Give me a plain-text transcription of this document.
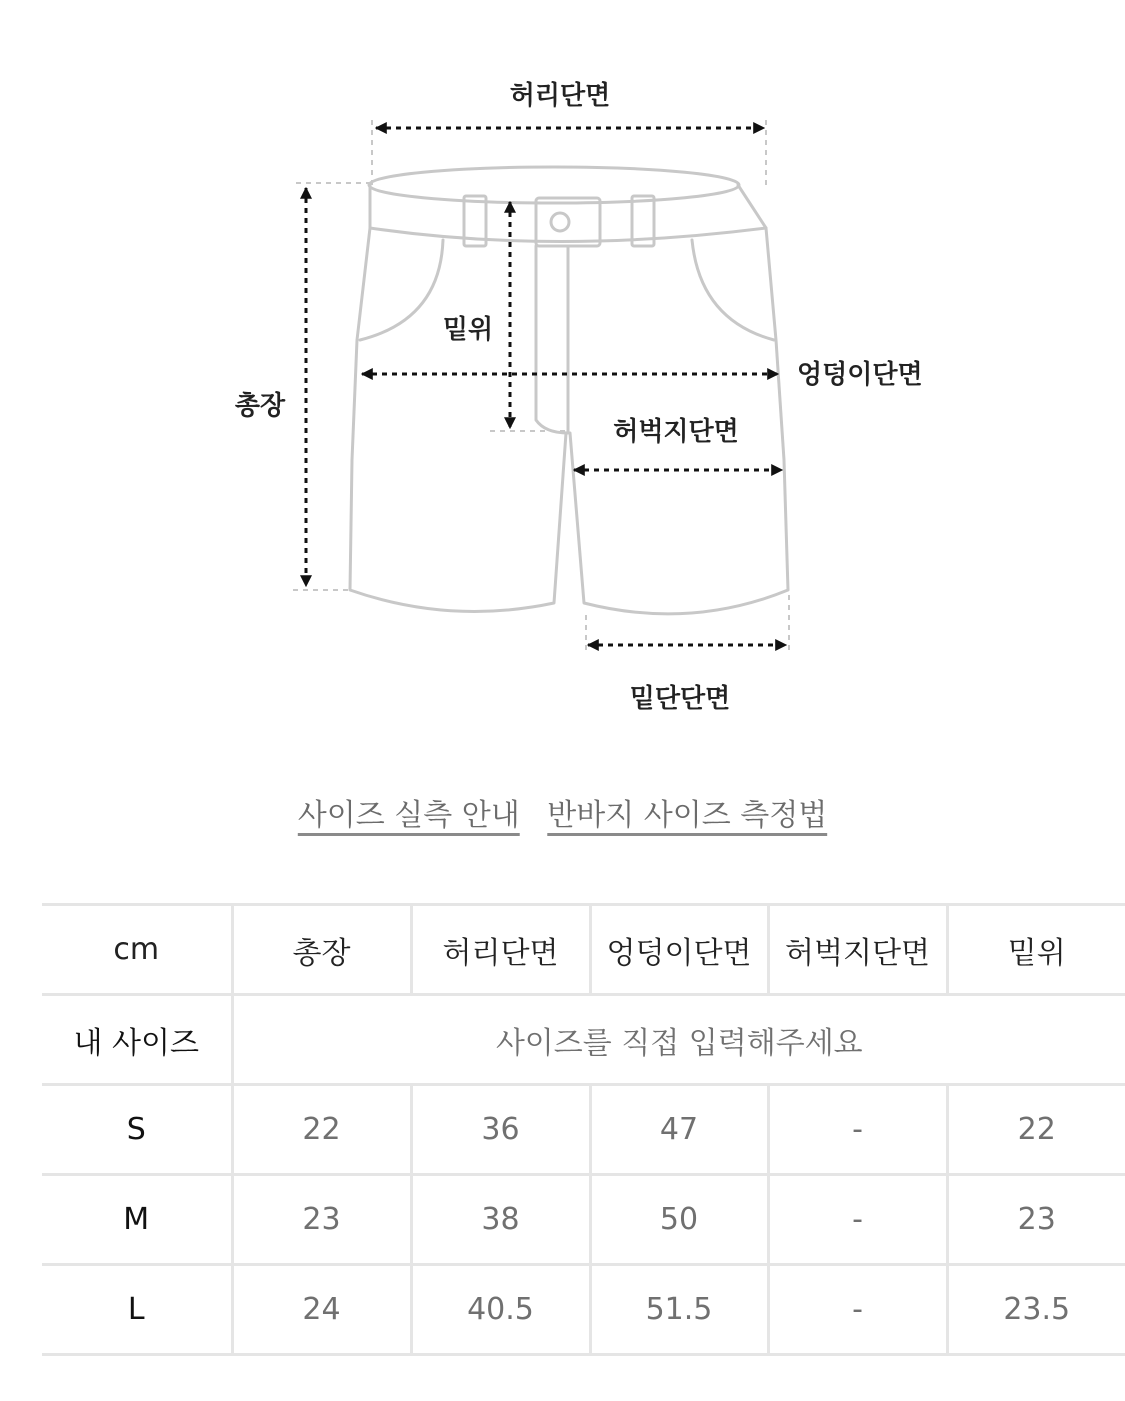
허리단면
밑위
엉덩이단면
총장
허벅지단면
밑단단면
사이즈 실측 안내 반바지 사이즈 측정법
cm	총장	허리단면	엉덩이단면	허벅지단면	밑위
내 사이즈	사이즈를 직접 입력해주세요				
S	22	36	47	-	22
M	23	38	50	-	23
L	24	40.5	51.5	-	23.5
